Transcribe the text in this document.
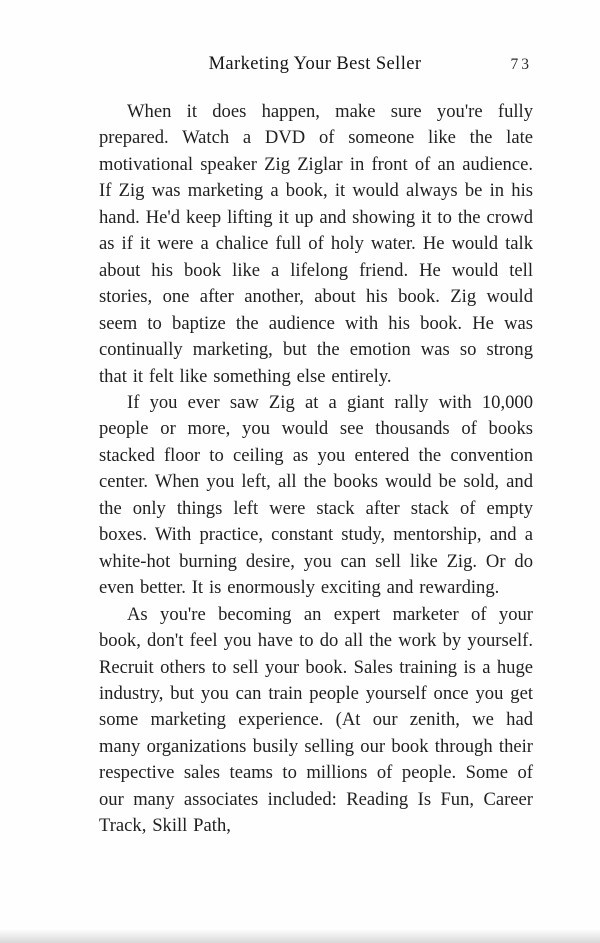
Marketing Your Best Seller	73

When it does happen, make sure you're fully prepared. Watch a DVD of someone like the late motivational speaker Zig Ziglar in front of an audience. If Zig was marketing a book, it would always be in his hand. He'd keep lifting it up and showing it to the crowd as if it were a chalice full of holy water. He would talk about his book like a lifelong friend. He would tell stories, one after another, about his book. Zig would seem to baptize the audience with his book. He was continually marketing, but the emotion was so strong that it felt like something else entirely.

If you ever saw Zig at a giant rally with 10,000 people or more, you would see thousands of books stacked floor to ceiling as you entered the convention center. When you left, all the books would be sold, and the only things left were stack after stack of empty boxes. With practice, constant study, mentorship, and a white-hot burning desire, you can sell like Zig. Or do even better. It is enormously exciting and rewarding.

As you're becoming an expert marketer of your book, don't feel you have to do all the work by yourself. Recruit others to sell your book. Sales training is a huge industry, but you can train people yourself once you get some marketing experience. (At our zenith, we had many organizations busily selling our book through their respective sales teams to millions of people. Some of our many associates included: Reading Is Fun, Career Track, Skill Path,
